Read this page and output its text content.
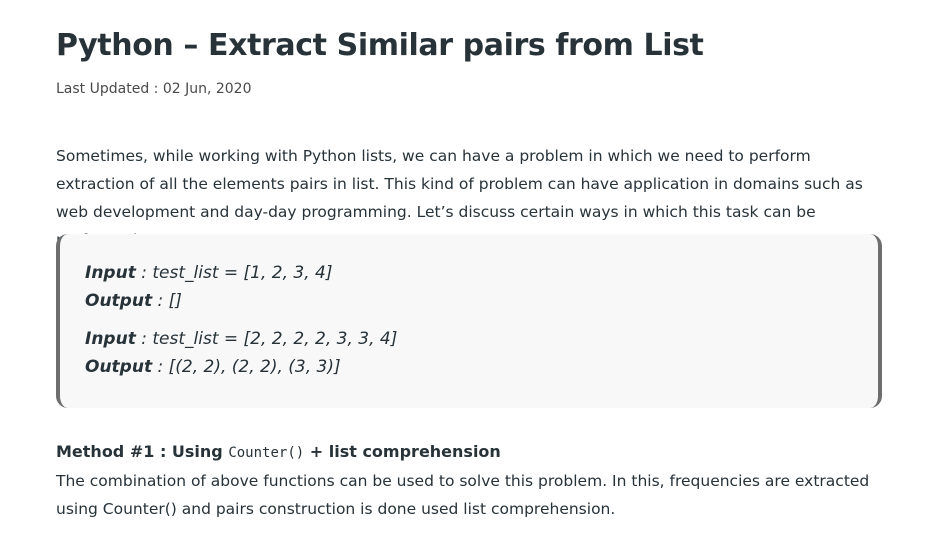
Python – Extract Similar pairs from List
Last Updated : 02 Jun, 2020

Sometimes, while working with Python lists, we can have a problem in which we need to perform extraction of all the elements pairs in list. This kind of problem can have application in domains such as web development and day-day programming. Let’s discuss certain ways in which this task can be

Input : test_list = [1, 2, 3, 4]
Output : []
Input : test_list = [2, 2, 2, 2, 3, 3, 4]
Output : [(2, 2), (2, 2), (3, 3)]
Method #1 : Using Counter() + list comprehension

The combination of above functions can be used to solve this problem. In this, frequencies are extracted using Counter() and pairs construction is done used list comprehension.
